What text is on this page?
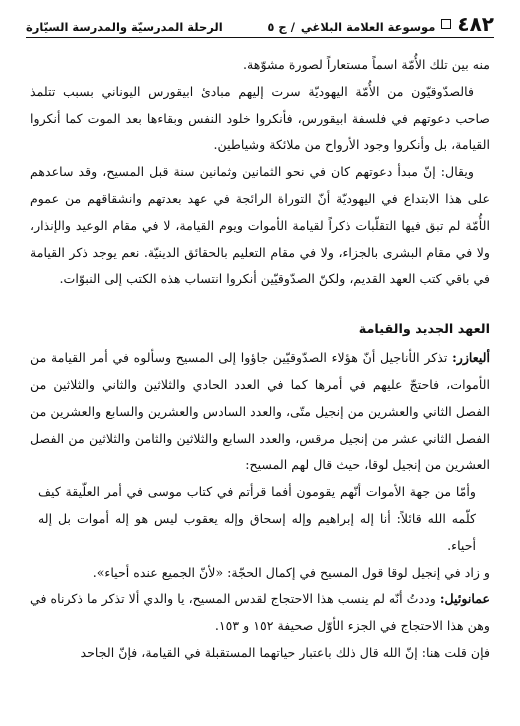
٤٨٢
موسوعة العلامة البلاغي
/ ج ٥
الرحلة المدرسيّة والمدرسة السيّارة

منه بين تلك الأُمّة اسماً مستعاراً لصورة مشوّهة.

فالصدّوقيّون من الأُمّة اليهوديّة سرت إليهم مبادئ ابيقورس اليوناني بسبب تتلمذ صاحب دعوتهم في فلسفة ابيقورس، فأنكروا خلود النفس وبقاءها بعد الموت كما أنكروا القيامة، بل وأنكروا وجود الأرواح من ملائكة وشياطين.

ويقال: إنّ مبدأ دعوتهم كان في نحو الثمانين وثمانين سنة قبل المسيح، وقد ساعدهم على هذا الابتداع في اليهوديّة أنّ التوراة الرائجة في عهد بعدتهم وانشقاقهم من عموم الأُمّة لم تبق فيها التقلّبات ذكراً لقيامة الأموات ويوم القيامة، لا في مقام الوعيد والإنذار، ولا في مقام البشرى بالجزاء، ولا في مقام التعليم بالحقائق الدينيّة. نعم يوجد ذكر القيامة في باقي كتب العهد القديم، ولكنّ الصدّوقيّين أنكروا انتساب هذه الكتب إلى النبوّات.

العهد الجديد والقيامة

أليعازر: تذكر الأناجيل أنّ هؤلاء الصدّوقيّين جاؤوا إلى المسيح وسألوه في أمر القيامة من الأموات، فاحتجّ عليهم في أمرها كما في العدد الحادي والثلاثين والثاني والثلاثين من الفصل الثاني والعشرين من إنجيل متّى، والعدد السادس والعشرين والسابع والعشرين من الفصل الثاني عشر من إنجيل مرقس، والعدد السابع والثلاثين والثامن والثلاثين من الفصل العشرين من إنجيل لوقا، حيث قال لهم المسيح:

وأمّا من جهة الأموات أنّهم يقومون أفما قرأتم في كتاب موسى في أمر العلّيقة كيف كلّمه الله قائلاً: أنا إله إبراهيم وإله إسحاق وإله يعقوب ليس هو إله أموات بل إله أحياء.

و زاد في إنجيل لوقا قول المسيح في إكمال الحجّة: «لأنّ الجميع عنده أحياء».

عمانوئيل: وددتُ أنّه لم ينسب هذا الاحتجاج لقدس المسيح، يا والدي ألا تذكر ما ذكرناه في وهن هذا الاحتجاج في الجزء الأوّل صحيفة ١٥٢ و ١٥٣.

فإن قلت هنا: إنّ الله قال ذلك باعتبار حياتهما المستقبلة في القيامة، فإنّ الجاحد
